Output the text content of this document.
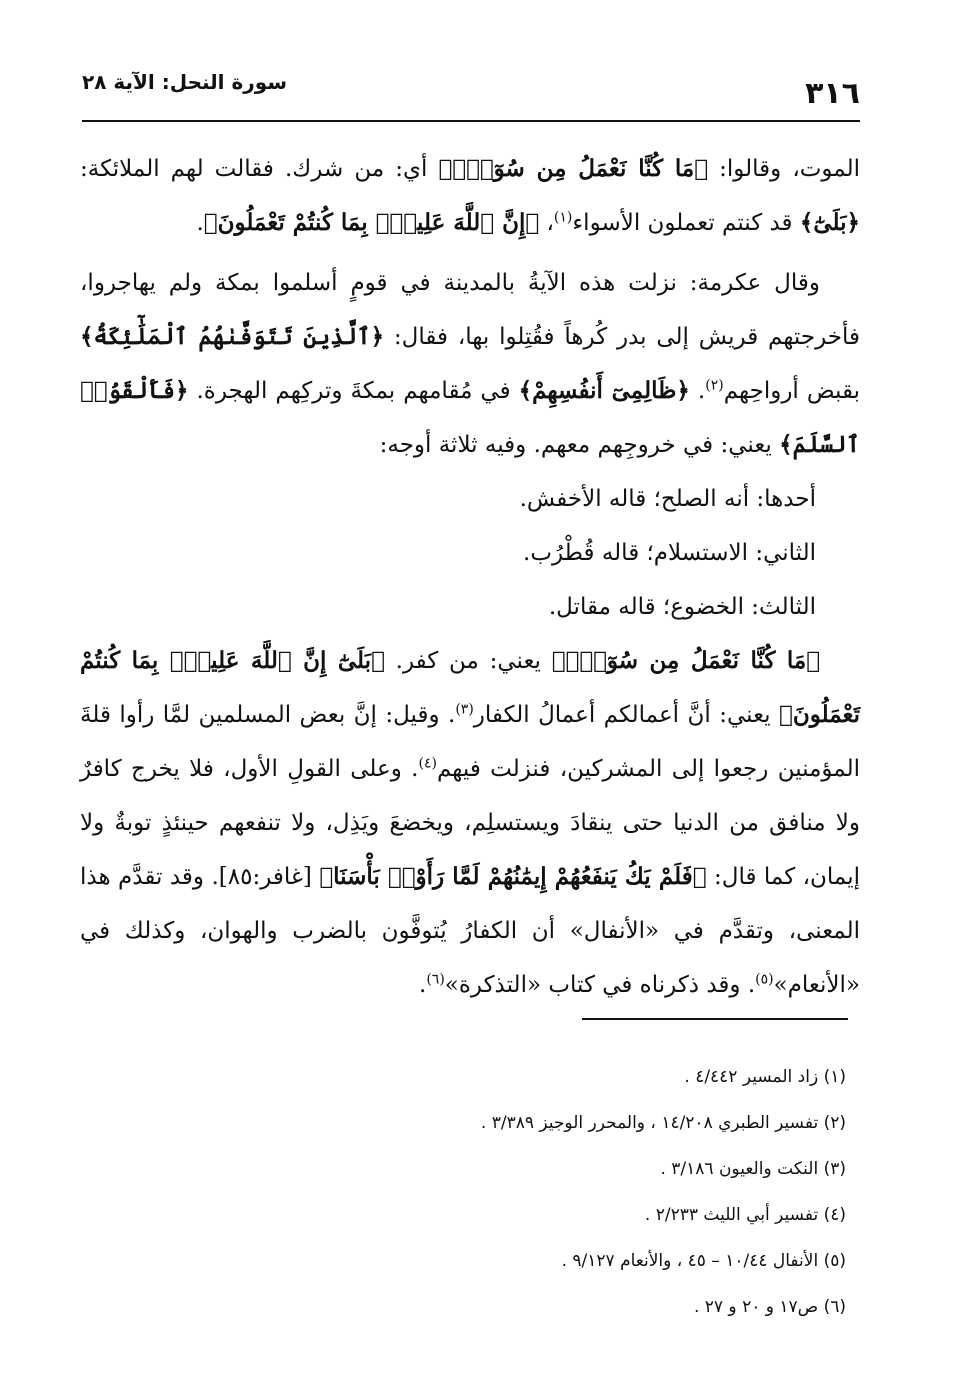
٣١٦
سورة النحل: الآية ٢٨

الموت، وقالوا: ﴿مَا كُنَّا نَعْمَلُ مِن سُوٓءٍۭ﴾ أي: من شرك. فقالت لهم الملائكة: ﴿بَلَىٰٓ﴾ قد كنتم تعملون الأسواء$^{(١)}$، ﴿إِنَّ ٱللَّهَ عَلِيمٌۢ بِمَا كُنتُمْ تَعْمَلُونَ﴾.

وقال عكرمة: نزلت هذه الآيةُ بالمدينة في قومٍ أسلموا بمكة ولم يهاجروا، فأخرجتهم قريش إلى بدر كُرهاً فقُتِلوا بها، فقال: ﴿ٱلَّذِينَ تَتَوَفَّىٰهُمُ ٱلْمَلَٰٓئِكَةُ﴾ بقبض أرواحِهم$^{(٢)}$. ﴿ظَالِمِىٓ أَنفُسِهِمْ﴾ في مُقامهم بمكةَ وتركِهم الهجرة. ﴿فَأَلْقَوُا۟ ٱلسَّلَمَ﴾ يعني: في خروجِهم معهم. وفيه ثلاثة أوجه:

أحدها: أنه الصلح؛ قاله الأخفش.

الثاني: الاستسلام؛ قاله قُطْرُب.

الثالث: الخضوع؛ قاله مقاتل.

﴿مَا كُنَّا نَعْمَلُ مِن سُوٓءٍۭ﴾ يعني: من كفر. ﴿بَلَىٰٓ إِنَّ ٱللَّهَ عَلِيمٌۢ بِمَا كُنتُمْ تَعْمَلُونَ﴾ يعني: أنَّ أعمالكم أعمالُ الكفار$^{(٣)}$. وقيل: إنَّ بعض المسلمين لمَّا رأوا قلةَ المؤمنين رجعوا إلى المشركين، فنزلت فيهم$^{(٤)}$. وعلى القولِ الأول، فلا يخرج كافرٌ ولا منافق من الدنيا حتى ينقادَ ويستسلِم، ويخضعَ ويَذِل، ولا تنفعهم حينئذٍ توبةٌ ولا إيمان، كما قال: ﴿فَلَمْ يَكُ يَنفَعُهُمْ إِيمَٰنُهُمْ لَمَّا رَأَوْا۟ بَأْسَنَا﴾ [غافر:٨٥]. وقد تقدَّم هذا المعنى، وتقدَّم في «الأنفال» أن الكفارُ يُتوفَّون بالضرب والهوان، وكذلك في «الأنعام»$^{(٥)}$. وقد ذكرناه في كتاب «التذكرة»$^{(٦)}$.

(١) زاد المسير ٤/٤٤٢ .
(٢) تفسير الطبري ١٤/٢٠٨ ، والمحرر الوجيز ٣/٣٨٩ .
(٣) النكت والعيون ٣/١٨٦ .
(٤) تفسير أبي الليث ٢/٢٣٣ .
(٥) الأنفال ١٠/٤٤ – ٤٥ ، والأنعام ٩/١٢٧ .
(٦) ص١٧ و ٢٠ و ٢٧ .
